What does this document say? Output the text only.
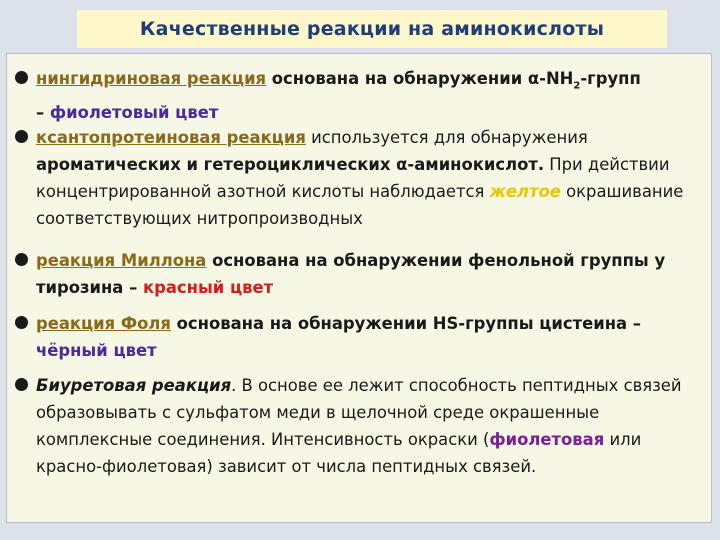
Качественные реакции на аминокислоты
нингидриновая реакция основана на обнаружении $\alpha-NH_2$-групп
– фиолетовый цвет
ксантопротеиновая реакция используется для обнаружения ароматических и гетероциклических α-аминокислот. При действии концентрированной азотной кислоты наблюдается желтое окрашивание соответствующих нитропроизводных
реакция Миллона основана на обнаружении фенольной группы у тирозина – красный цвет
реакция Фоля основана на обнаружении HS-группы цистеина –
чёрный цвет
Биуретовая реакция. В основе ее лежит способность пептидных связей образовывать с сульфатом меди в щелочной среде окрашенные комплексные соединения. Интенсивность окраски (фиолетовая или красно-фиолетовая) зависит от числа пептидных связей.
